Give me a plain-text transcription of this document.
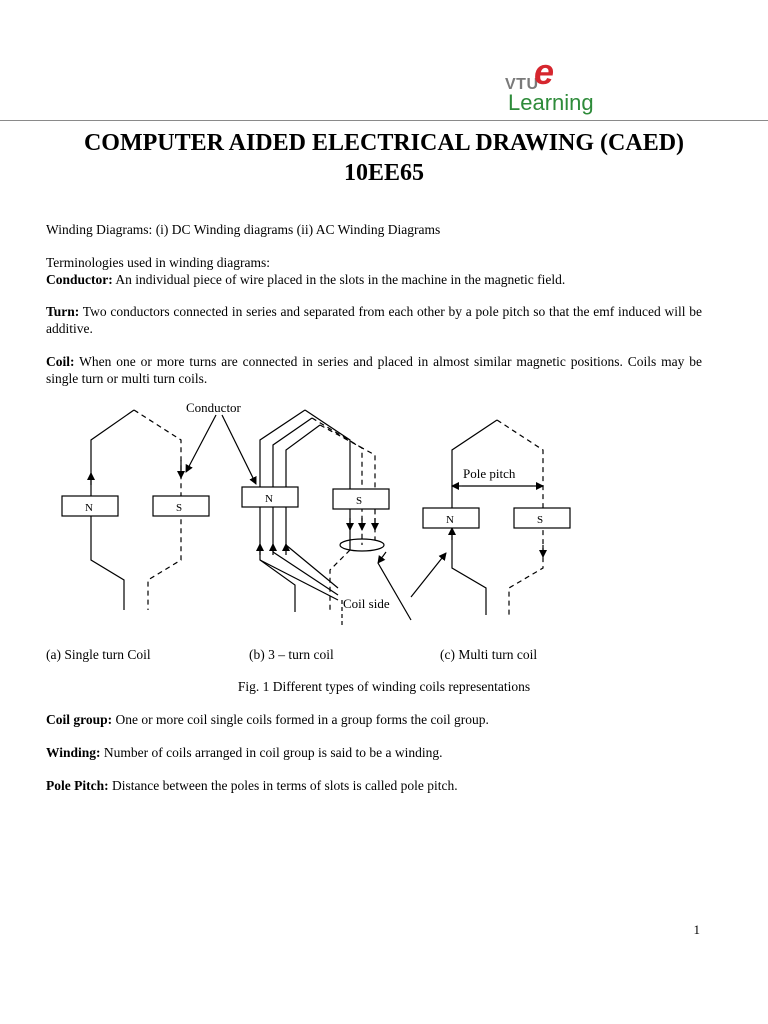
VTU
e
Learning
COMPUTER AIDED ELECTRICAL DRAWING (CAED)
10EE65
Winding Diagrams: (i) DC Winding diagrams (ii) AC Winding Diagrams
Terminologies used in winding diagrams:
Conductor: An individual piece of wire placed in the slots in the machine in the magnetic field.
Turn: Two conductors connected in series and separated from each other by a pole pitch so that the emf induced will be additive.
Coil: When one or more turns are connected in series and placed in almost similar magnetic positions. Coils may be single turn or multi turn coils.
Conductor
Coil side
Pole pitch
N	S
N	S
N	S
(a) Single turn Coil	(b) 3 – turn coil	(c) Multi turn coil
Fig. 1 Different types of winding coils representations
Coil group: One or more coil single coils formed in a group forms the coil group.
Winding: Number of coils arranged in coil group is said to be a winding.
Pole Pitch: Distance between the poles in terms of slots is called pole pitch.
1
